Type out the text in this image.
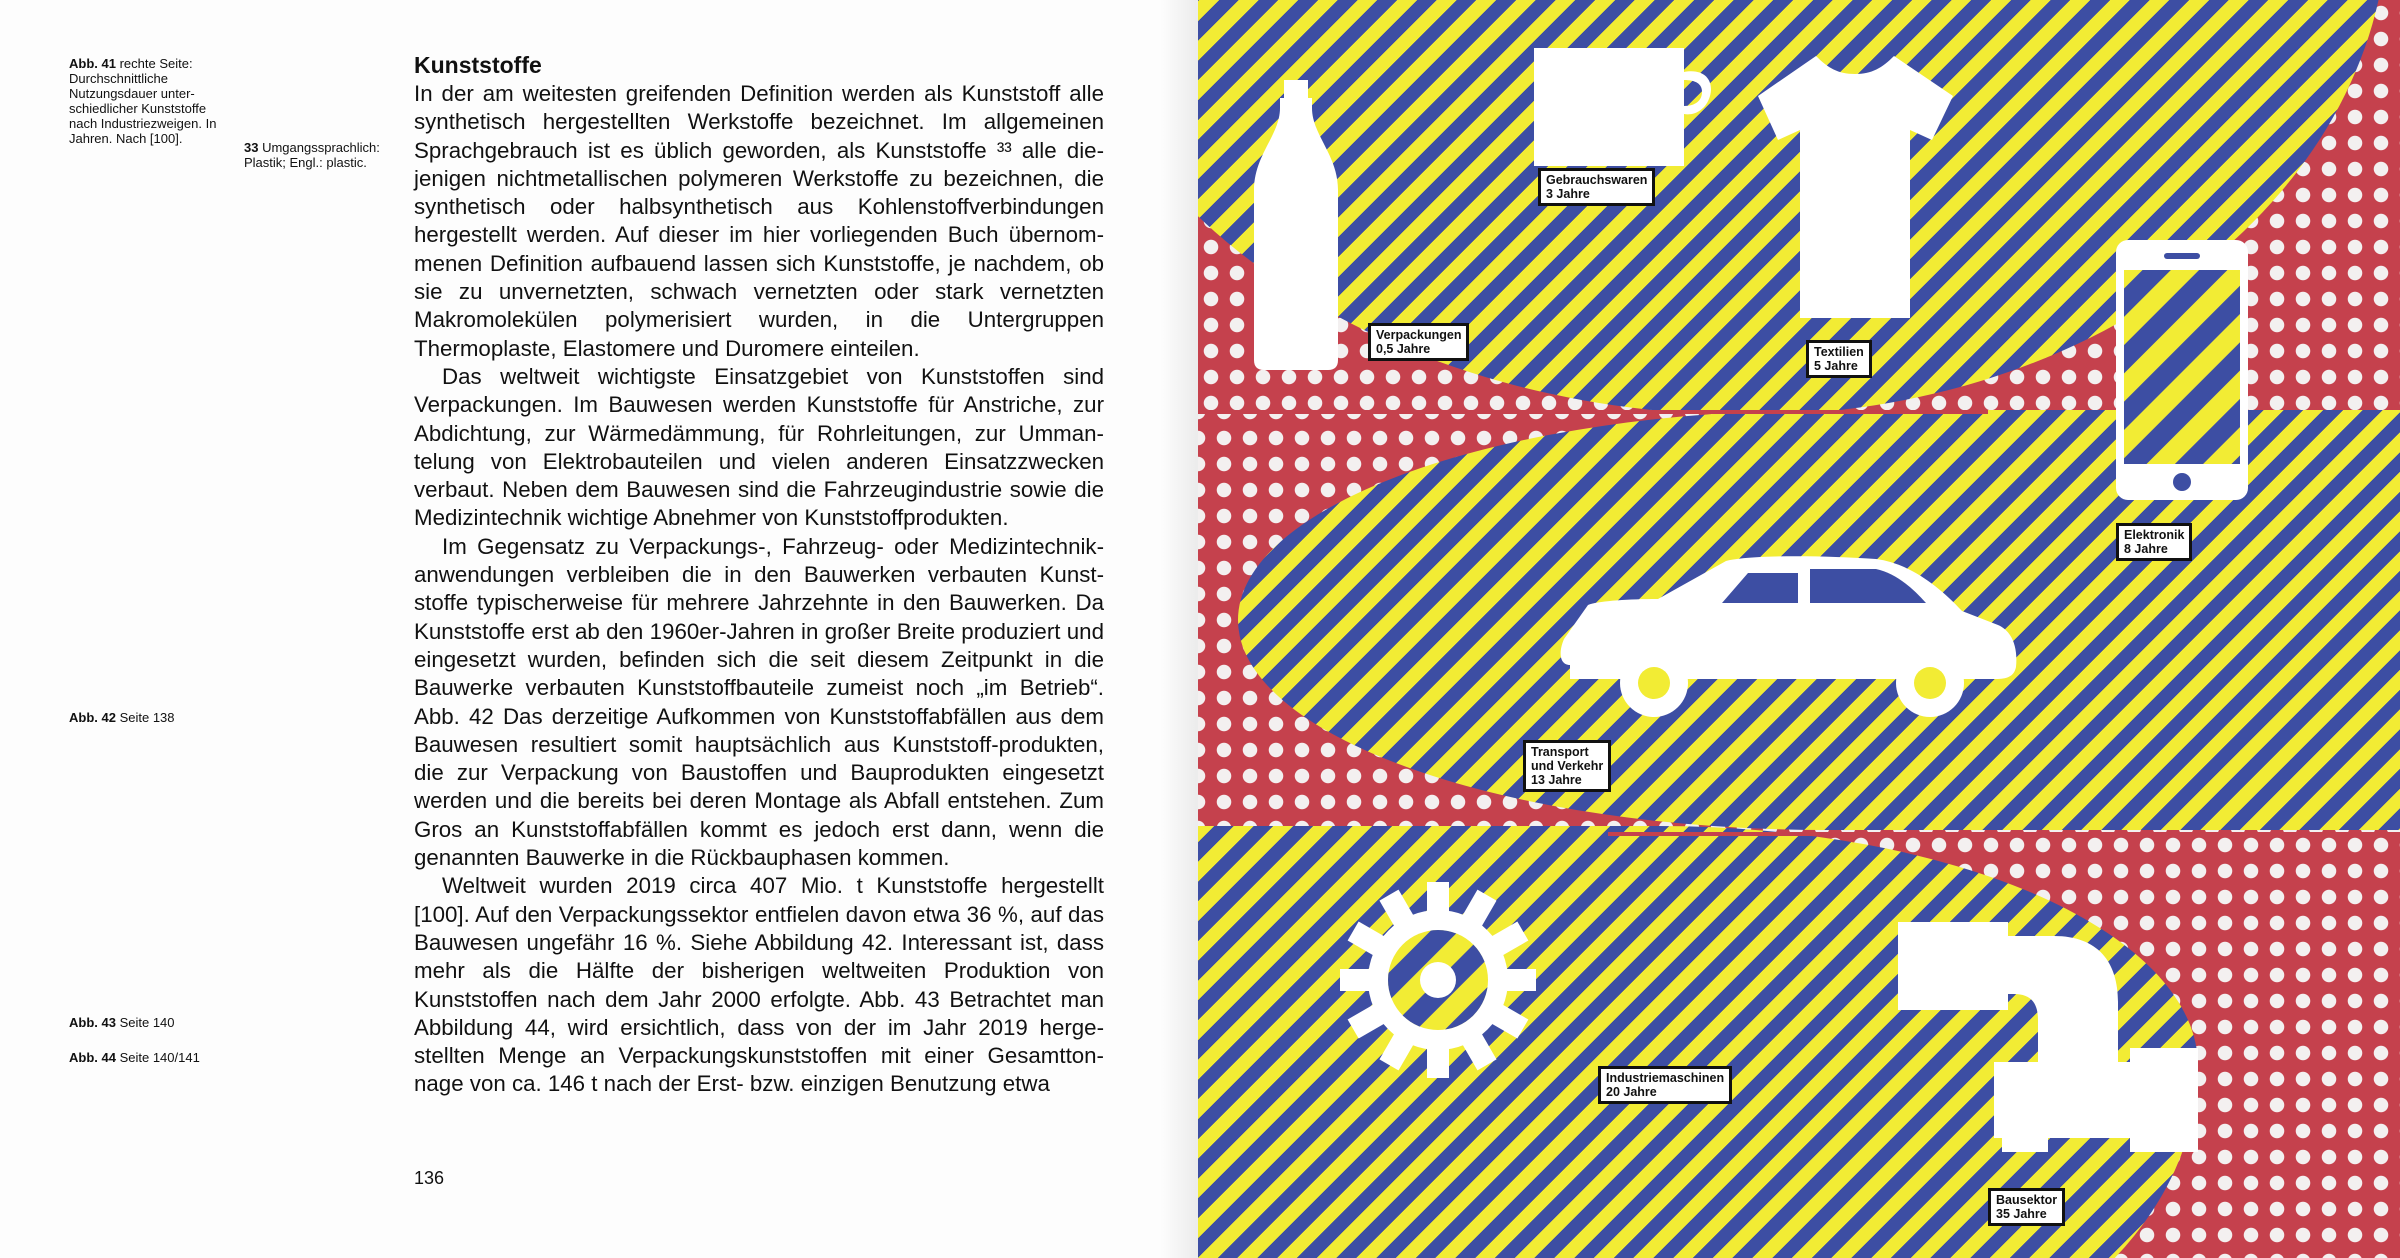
Abb. 41 rechte Seite: Durchschnittliche Nutzungsdauer unter-schiedlicher Kunststoffe nach Industriezweigen. In Jahren. Nach [100].
33 Umgangssprachlich: Plastik; Engl.: plastic.
Abb. 42 Seite 138
Abb. 43 Seite 140
Abb. 44 Seite 140/141
Kunststoffe

In der am weitesten greifenden Definition werden als Kunststoff alle synthetisch hergestellten Werkstoffe bezeichnet. Im allgemeinen Sprachgebrauch ist es üblich geworden, als Kunststoffe ³³ alle die-jenigen nichtmetallischen polymeren Werkstoffe zu bezeichnen, die synthetisch oder halbsynthetisch aus Kohlenstoffverbindungen hergestellt werden. Auf dieser im hier vorliegenden Buch übernom-menen Definition aufbauend lassen sich Kunststoffe, je nachdem, ob sie zu unvernetzten, schwach vernetzten oder stark vernetzten Makromolekülen polymerisiert wurden, in die Untergruppen Thermoplaste, Elastomere und Duromere einteilen.

Das weltweit wichtigste Einsatzgebiet von Kunststoffen sind Verpackungen. Im Bauwesen werden Kunststoffe für Anstriche, zur Abdichtung, zur Wärmedämmung, für Rohrleitungen, zur Umman-telung von Elektrobauteilen und vielen anderen Einsatzzwecken verbaut. Neben dem Bauwesen sind die Fahrzeugindustrie sowie die Medizintechnik wichtige Abnehmer von Kunststoffprodukten.

Im Gegensatz zu Verpackungs-, Fahrzeug- oder Medizintechnik-anwendungen verbleiben die in den Bauwerken verbauten Kunst-stoffe typischerweise für mehrere Jahrzehnte in den Bauwerken. Da Kunststoffe erst ab den 1960er-Jahren in großer Breite produziert und eingesetzt wurden, befinden sich die seit diesem Zeitpunkt in die Bauwerke verbauten Kunststoffbauteile zumeist noch „im Betrieb“. Abb. 42 Das derzeitige Aufkommen von Kunststoffabfällen aus dem Bauwesen resultiert somit hauptsächlich aus Kunststoff-produkten, die zur Verpackung von Baustoffen und Bauprodukten eingesetzt werden und die bereits bei deren Montage als Abfall entstehen. Zum Gros an Kunststoffabfällen kommt es jedoch erst dann, wenn die genannten Bauwerke in die Rückbauphasen kommen.

Weltweit wurden 2019 circa 407 Mio. t Kunststoffe hergestellt [100]. Auf den Verpackungssektor entfielen davon etwa 36 %, auf das Bauwesen ungefähr 16 %. Siehe Abbildung 42. Interessant ist, dass mehr als die Hälfte der bisherigen weltweiten Produktion von Kunststoffen nach dem Jahr 2000 erfolgte. Abb. 43 Betrachtet man Abbildung 44, wird ersichtlich, dass von der im Jahr 2019 herge-stellten Menge an Verpackungskunststoffen mit einer Gesamtton-nage von ca. 146 t nach der Erst- bzw. einzigen Benutzung etwa

136
Gebrauchswaren
3 Jahre
Verpackungen
0,5 Jahre	Textilien
5 Jahre
Elektronik
8 Jahre
Transport
und Verkehr
13 Jahre
Industriemaschinen
20 Jahre
Bausektor
35 Jahre
